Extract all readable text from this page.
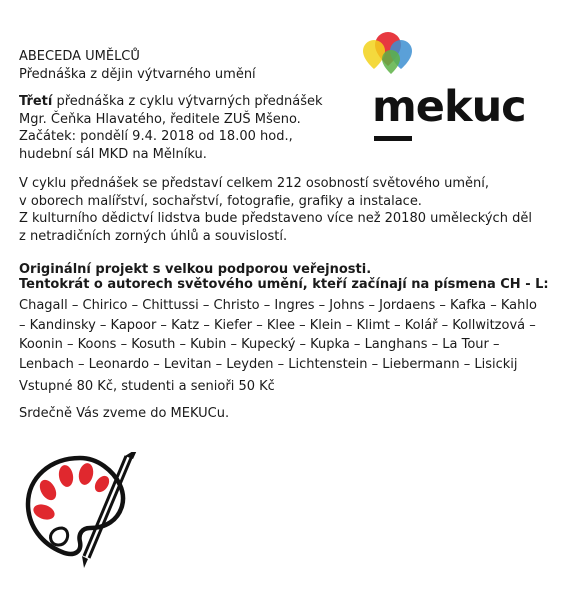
ABECEDA UMĚLCŮ
Přednáška z dějin výtvarného umění
mekuc
Třetí přednáška z cyklu výtvarných přednášek
Mgr. Čeňka Hlavatého, ředitele ZUŠ Mšeno.
Začátek: pondělí 9.4. 2018 od 18.00 hod.,
hudební sál MKD na Mělníku.
V cyklu přednášek se představí celkem 212 osobností světového umění,
v oborech malířství, sochařství, fotografie, grafiky a instalace.
Z kulturního dědictví lidstva bude představeno více než 20180 uměleckých děl
z netradičních zorných úhlů a souvislostí.
Originální projekt s velkou podporou veřejnosti.
Tentokrát o autorech světového umění, kteří začínají na písmena CH - L:
Chagall – Chirico – Chittussi – Christo – Ingres – Johns – Jordaens – Kafka – Kahlo
– Kandinsky – Kapoor – Katz – Kiefer – Klee – Klein – Klimt – Kolář – Kollwitzová –
Koonin – Koons – Kosuth – Kubin – Kupecký – Kupka – Langhans – La Tour –
Lenbach – Leonardo – Levitan – Leyden – Lichtenstein – Liebermann – Lisickij
Vstupné 80 Kč, studenti a senioři 50 Kč
Srdečně Vás zveme do MEKUCu.
